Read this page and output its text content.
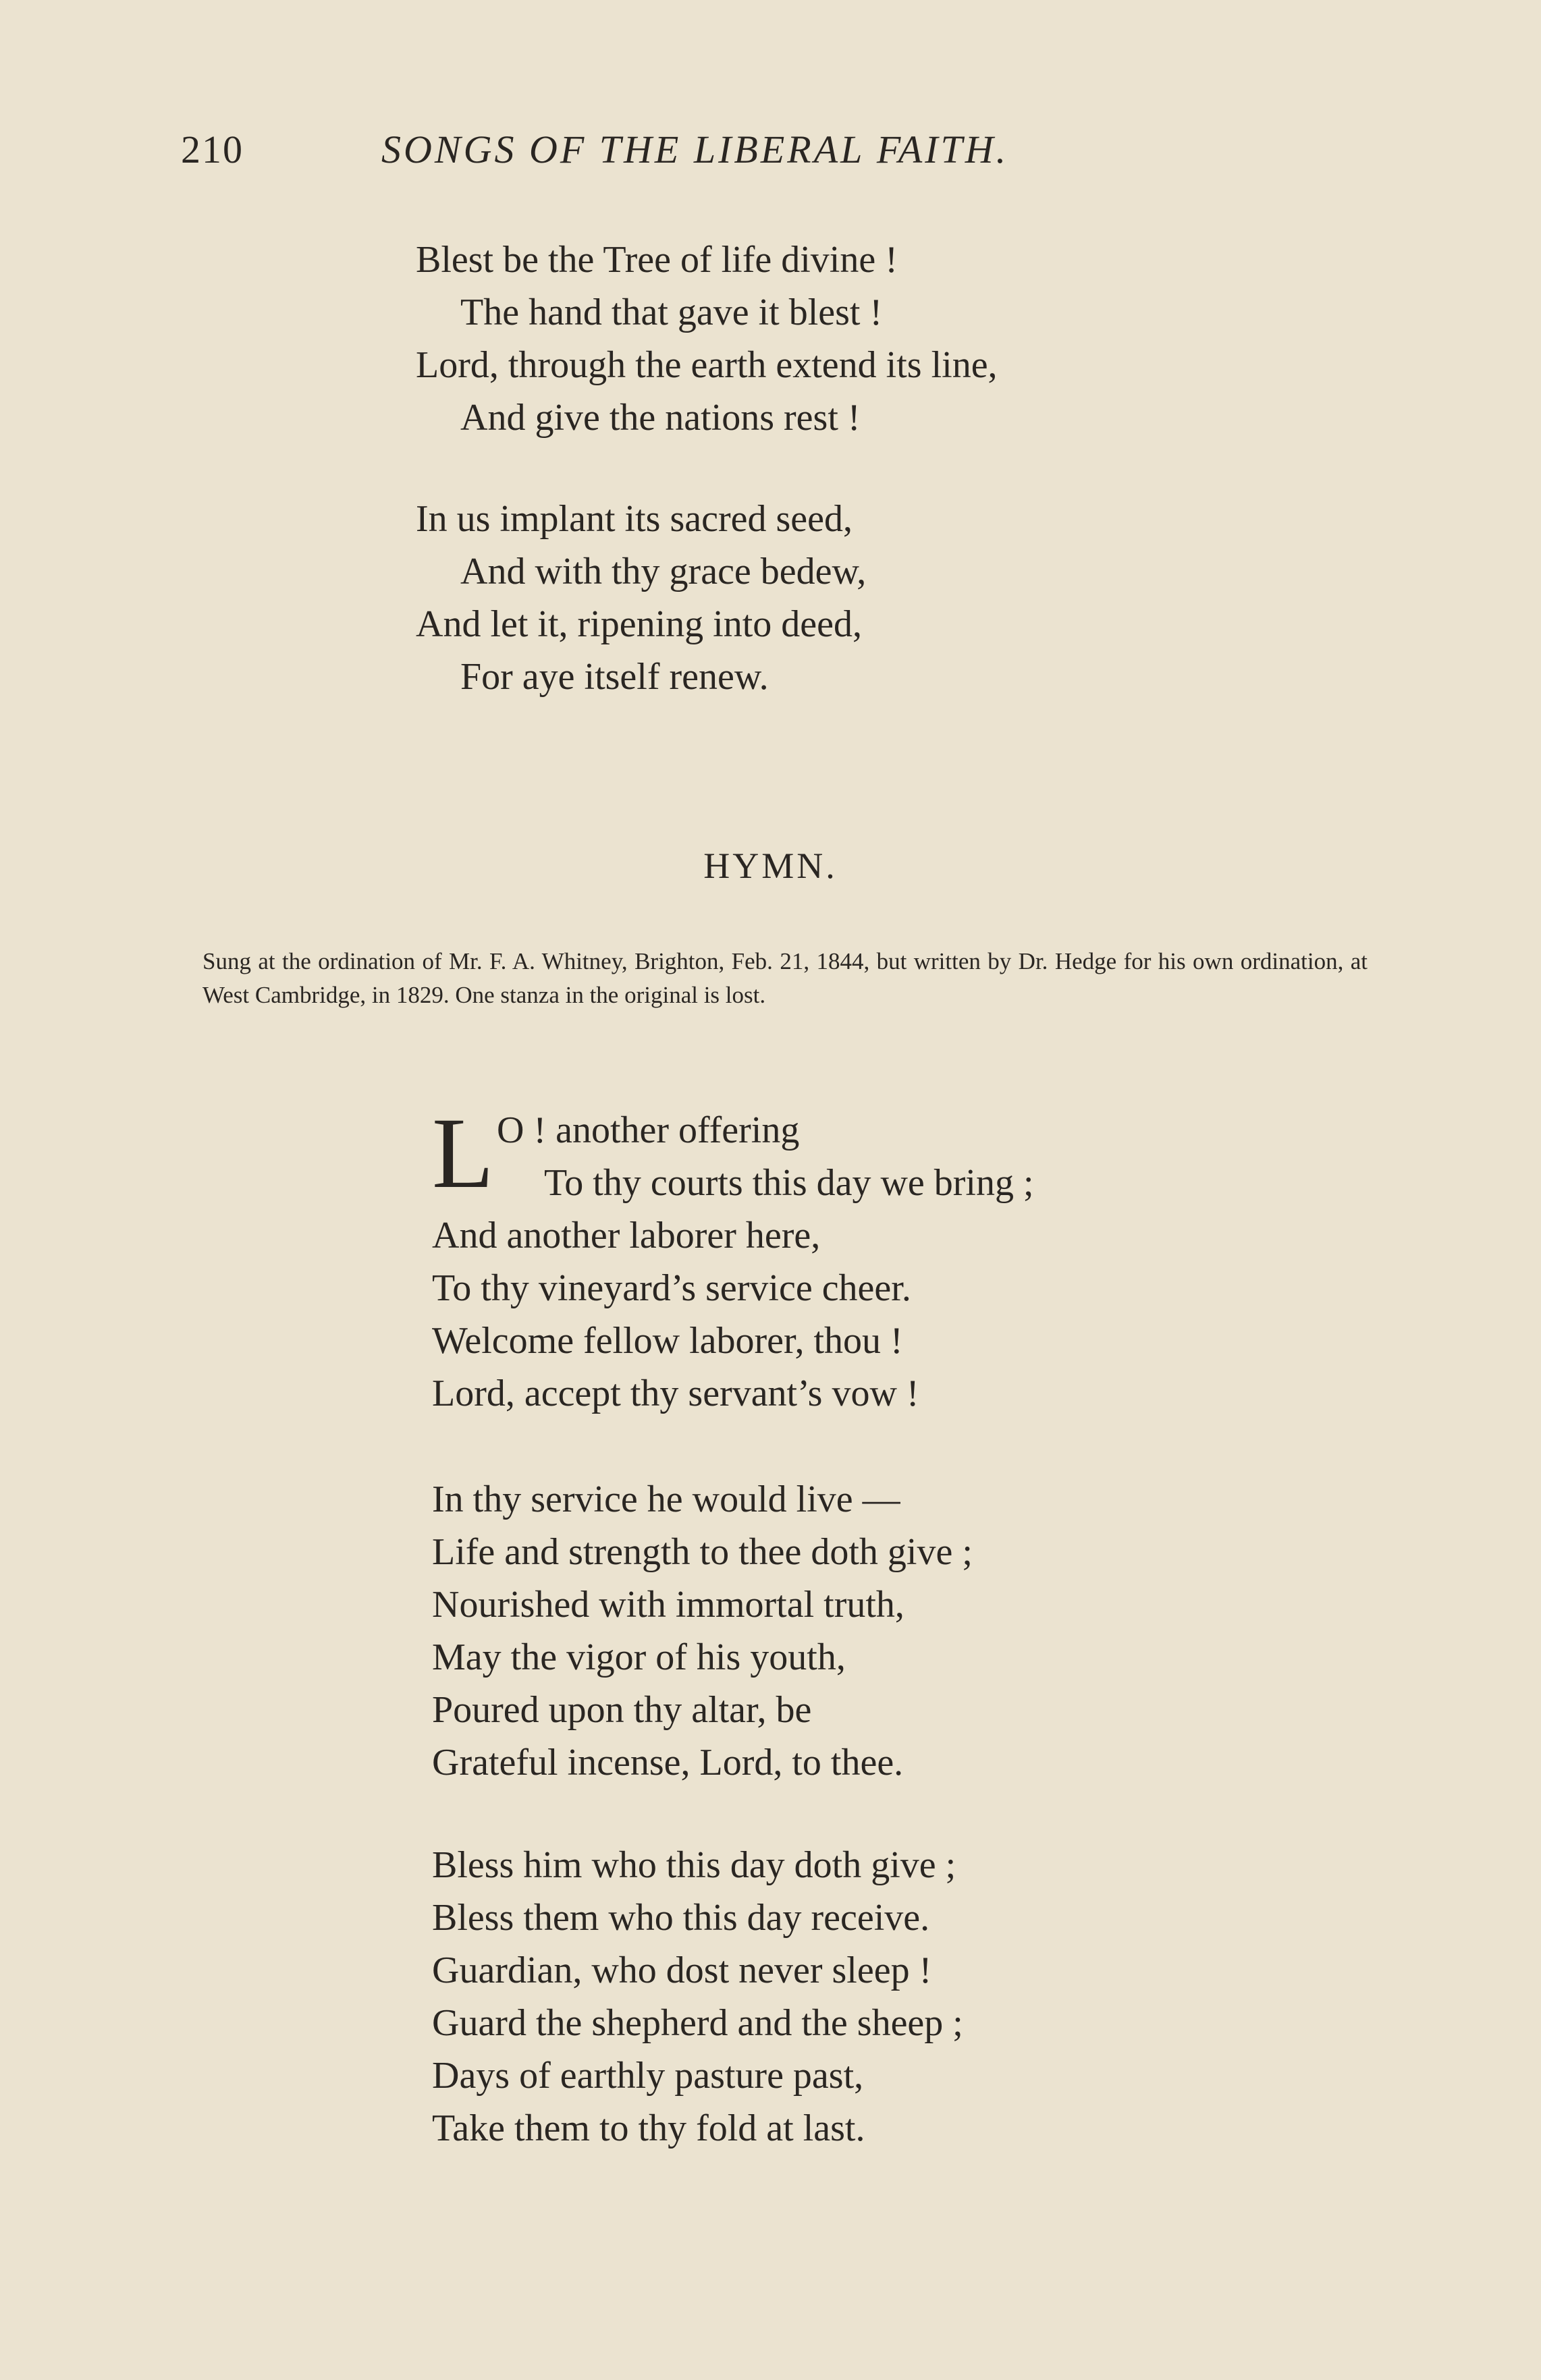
210	SONGS OF THE LIBERAL FAITH.
Blest be the Tree of life divine !
The hand that gave it blest !
Lord, through the earth extend its line,
And give the nations rest !
In us implant its sacred seed,
And with thy grace bedew,
And let it, ripening into deed,
For aye itself renew.
HYMN.
Sung at the ordination of Mr. F. A. Whitney, Brighton, Feb. 21, 1844, but written by Dr. Hedge for his own ordination, at West Cambridge, in 1829. One stanza in the original is lost.
L O ! another offering
To thy courts this day we bring ;
And another laborer here,
To thy vineyard’s service cheer.
Welcome fellow laborer, thou !
Lord, accept thy servant’s vow !
In thy service he would live —
Life and strength to thee doth give ;
Nourished with immortal truth,
May the vigor of his youth,
Poured upon thy altar, be
Grateful incense, Lord, to thee.
Bless him who this day doth give ;
Bless them who this day receive.
Guardian, who dost never sleep !
Guard the shepherd and the sheep ;
Days of earthly pasture past,
Take them to thy fold at last.
